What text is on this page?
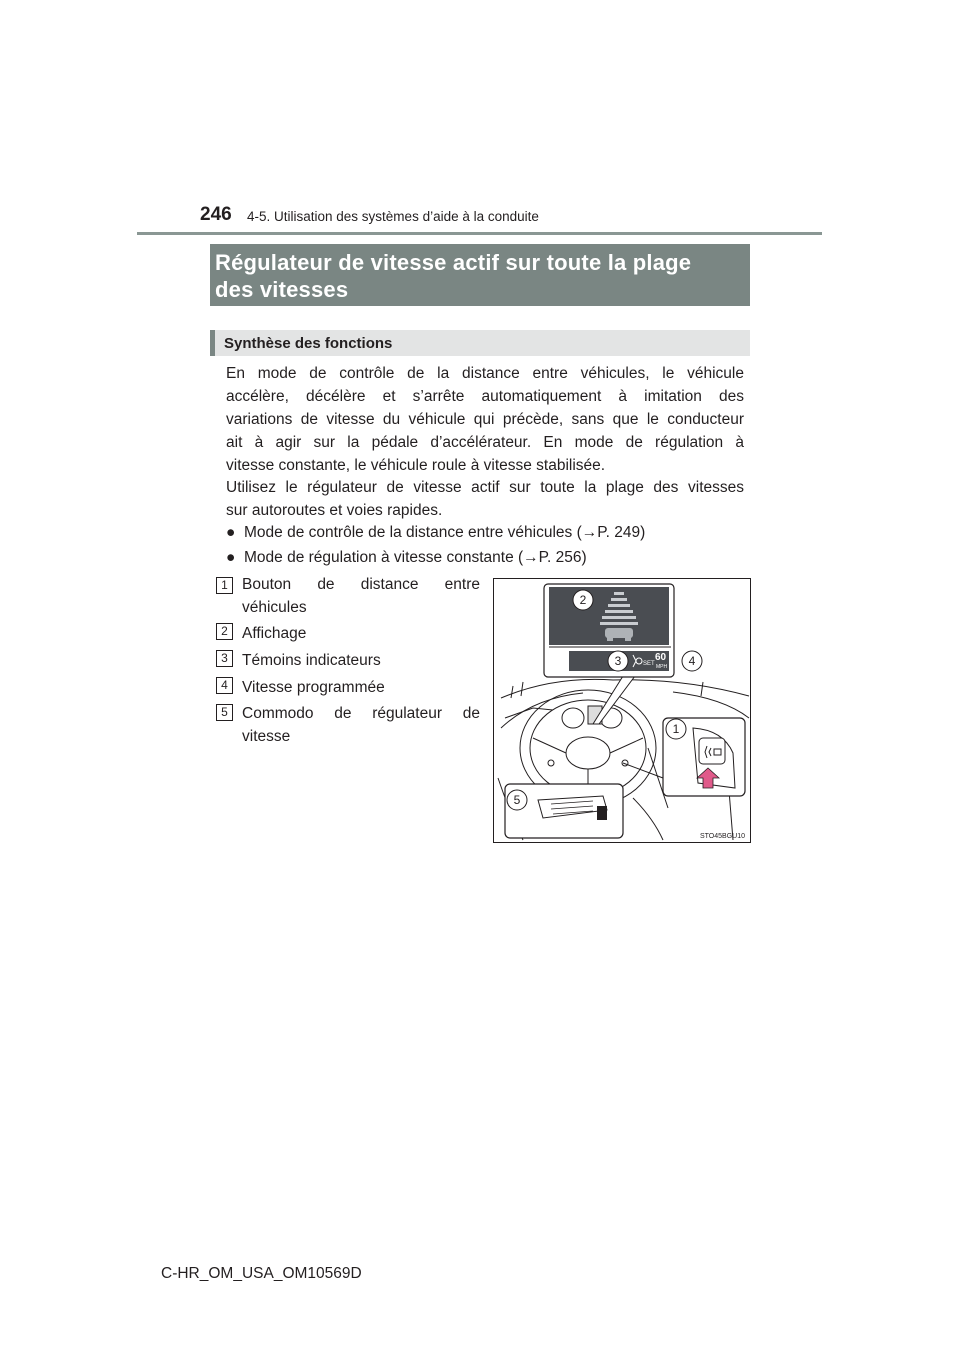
246 4-5. Utilisation des systèmes d’aide à la conduite
Régulateur de vitesse actif sur toute la plage
des vitesses
Synthèse des fonctions
En mode de contrôle de la distance entre véhicules, le véhicule
accélère, décélère et s’arrête automatiquement à imitation des
variations de vitesse du véhicule qui précède, sans que le conducteur
ait à agir sur la pédale d’accélérateur. En mode de régulation à
vitesse constante, le véhicule roule à vitesse stabilisée.
Utilisez le régulateur de vitesse actif sur toute la plage des vitesses
sur autoroutes et voies rapides.
● Mode de contrôle de la distance entre véhicules (→P. 249)
● Mode de régulation à vitesse constante (→P. 256)
1 Bouton de distance entre
véhicules
2 Affichage
3 Témoins indicateurs
4 Vitesse programmée
5 Commodo de régulateur de
vitesse
SET
60
MPH
2
3	4
1
5
STO45BGU10
C-HR_OM_USA_OM10569D
